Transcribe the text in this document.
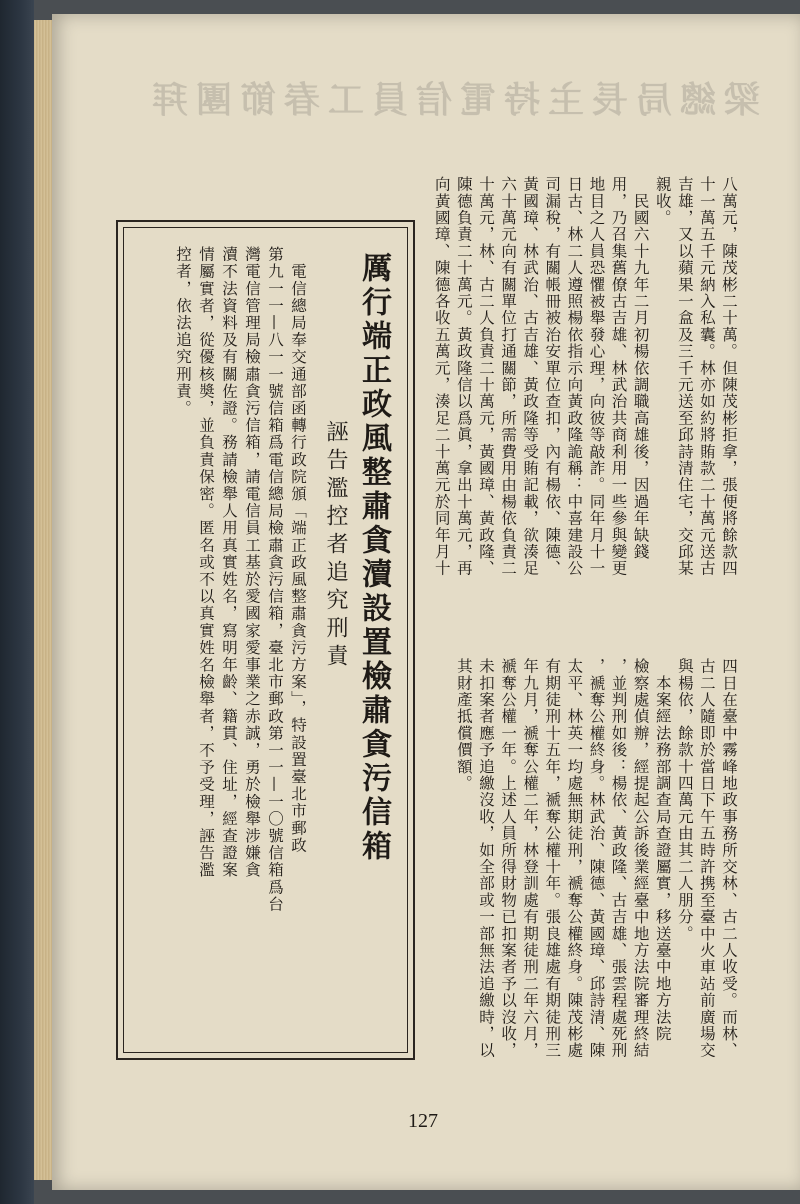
梁總局長主持電信員工春節團拜
八萬元，陳茂彬二十萬。但陳茂彬拒拿，張便將餘款四
十一萬五千元納入私囊。林亦如約將賄款二十萬元送古
吉雄，又以蘋果一盒及三千元送至邱詩清住宅，交邱某
親收。
　民國六十九年二月初楊依調職高雄後，因過年缺錢
用，乃召集舊僚古吉雄、林武治共商利用一些參與變更
地目之人員恐懼被舉發心理，向彼等敲詐。同年月十一
日古、林二人遵照楊依指示向黃政隆詭稱：中喜建設公
司漏稅，有關帳冊被治安單位查扣，內有楊依、陳德、
黃國璋、林武治、古吉雄、黃政隆等受賄記載，欲湊足
六十萬元向有關單位打通關節，所需費用由楊依負責二
十萬元，林、古二人負責二十萬元，黃國璋、黃政隆、
陳德負責二十萬元。黃政隆信以爲眞，拿出十萬元，再
向黃國璋、陳德各收五萬元，湊足二十萬元於同年月十
四日在臺中霧峰地政事務所交林、古二人收受。而林、
古二人隨即於當日下午五時許携至臺中火車站前廣場交
與楊依，餘款十四萬元由其二人朋分。
　本案經法務部調查局查證屬實，移送臺中地方法院
檢察處偵辦，經提起公訴後業經臺中地方法院審理終結
，並判刑如後：楊依、黃政隆、古吉雄、張雲程處死刑
，褫奪公權終身。林武治、陳德、黃國璋、邱詩清、陳
太平、林英一均處無期徒刑，褫奪公權終身。陳茂彬處
有期徒刑十五年，褫奪公權十年。張良雄處有期徒刑三
年九月，褫奪公權二年，林登訓處有期徒刑二年六月，
褫奪公權一年。上述人員所得財物已扣案者予以沒收，
未扣案者應予追繳沒收，如全部或一部無法追繳時，以
其財產抵償價額。
厲行端正政風整肅貪瀆設置檢肅貪污信箱
誣告濫控者追究刑責
　電信總局奉交通部函轉行政院頒「端正政風整肅貪污方案」，特設置臺北市郵政
第九一一—八一一號信箱爲電信總局檢肅貪污信箱，臺北市郵政第一一—一〇號信箱爲台
灣電信管理局檢肅貪污信箱，請電信員工基於愛國家愛事業之赤誠，勇於檢舉涉嫌貪
瀆不法資料及有關佐證。務請檢舉人用真實姓名，寫明年齡、籍貫、住址，經查證案
情屬實者，從優核奬，並負責保密。匿名或不以真實姓名檢舉者，不予受理，誣告濫
控者，依法追究刑責。
127
